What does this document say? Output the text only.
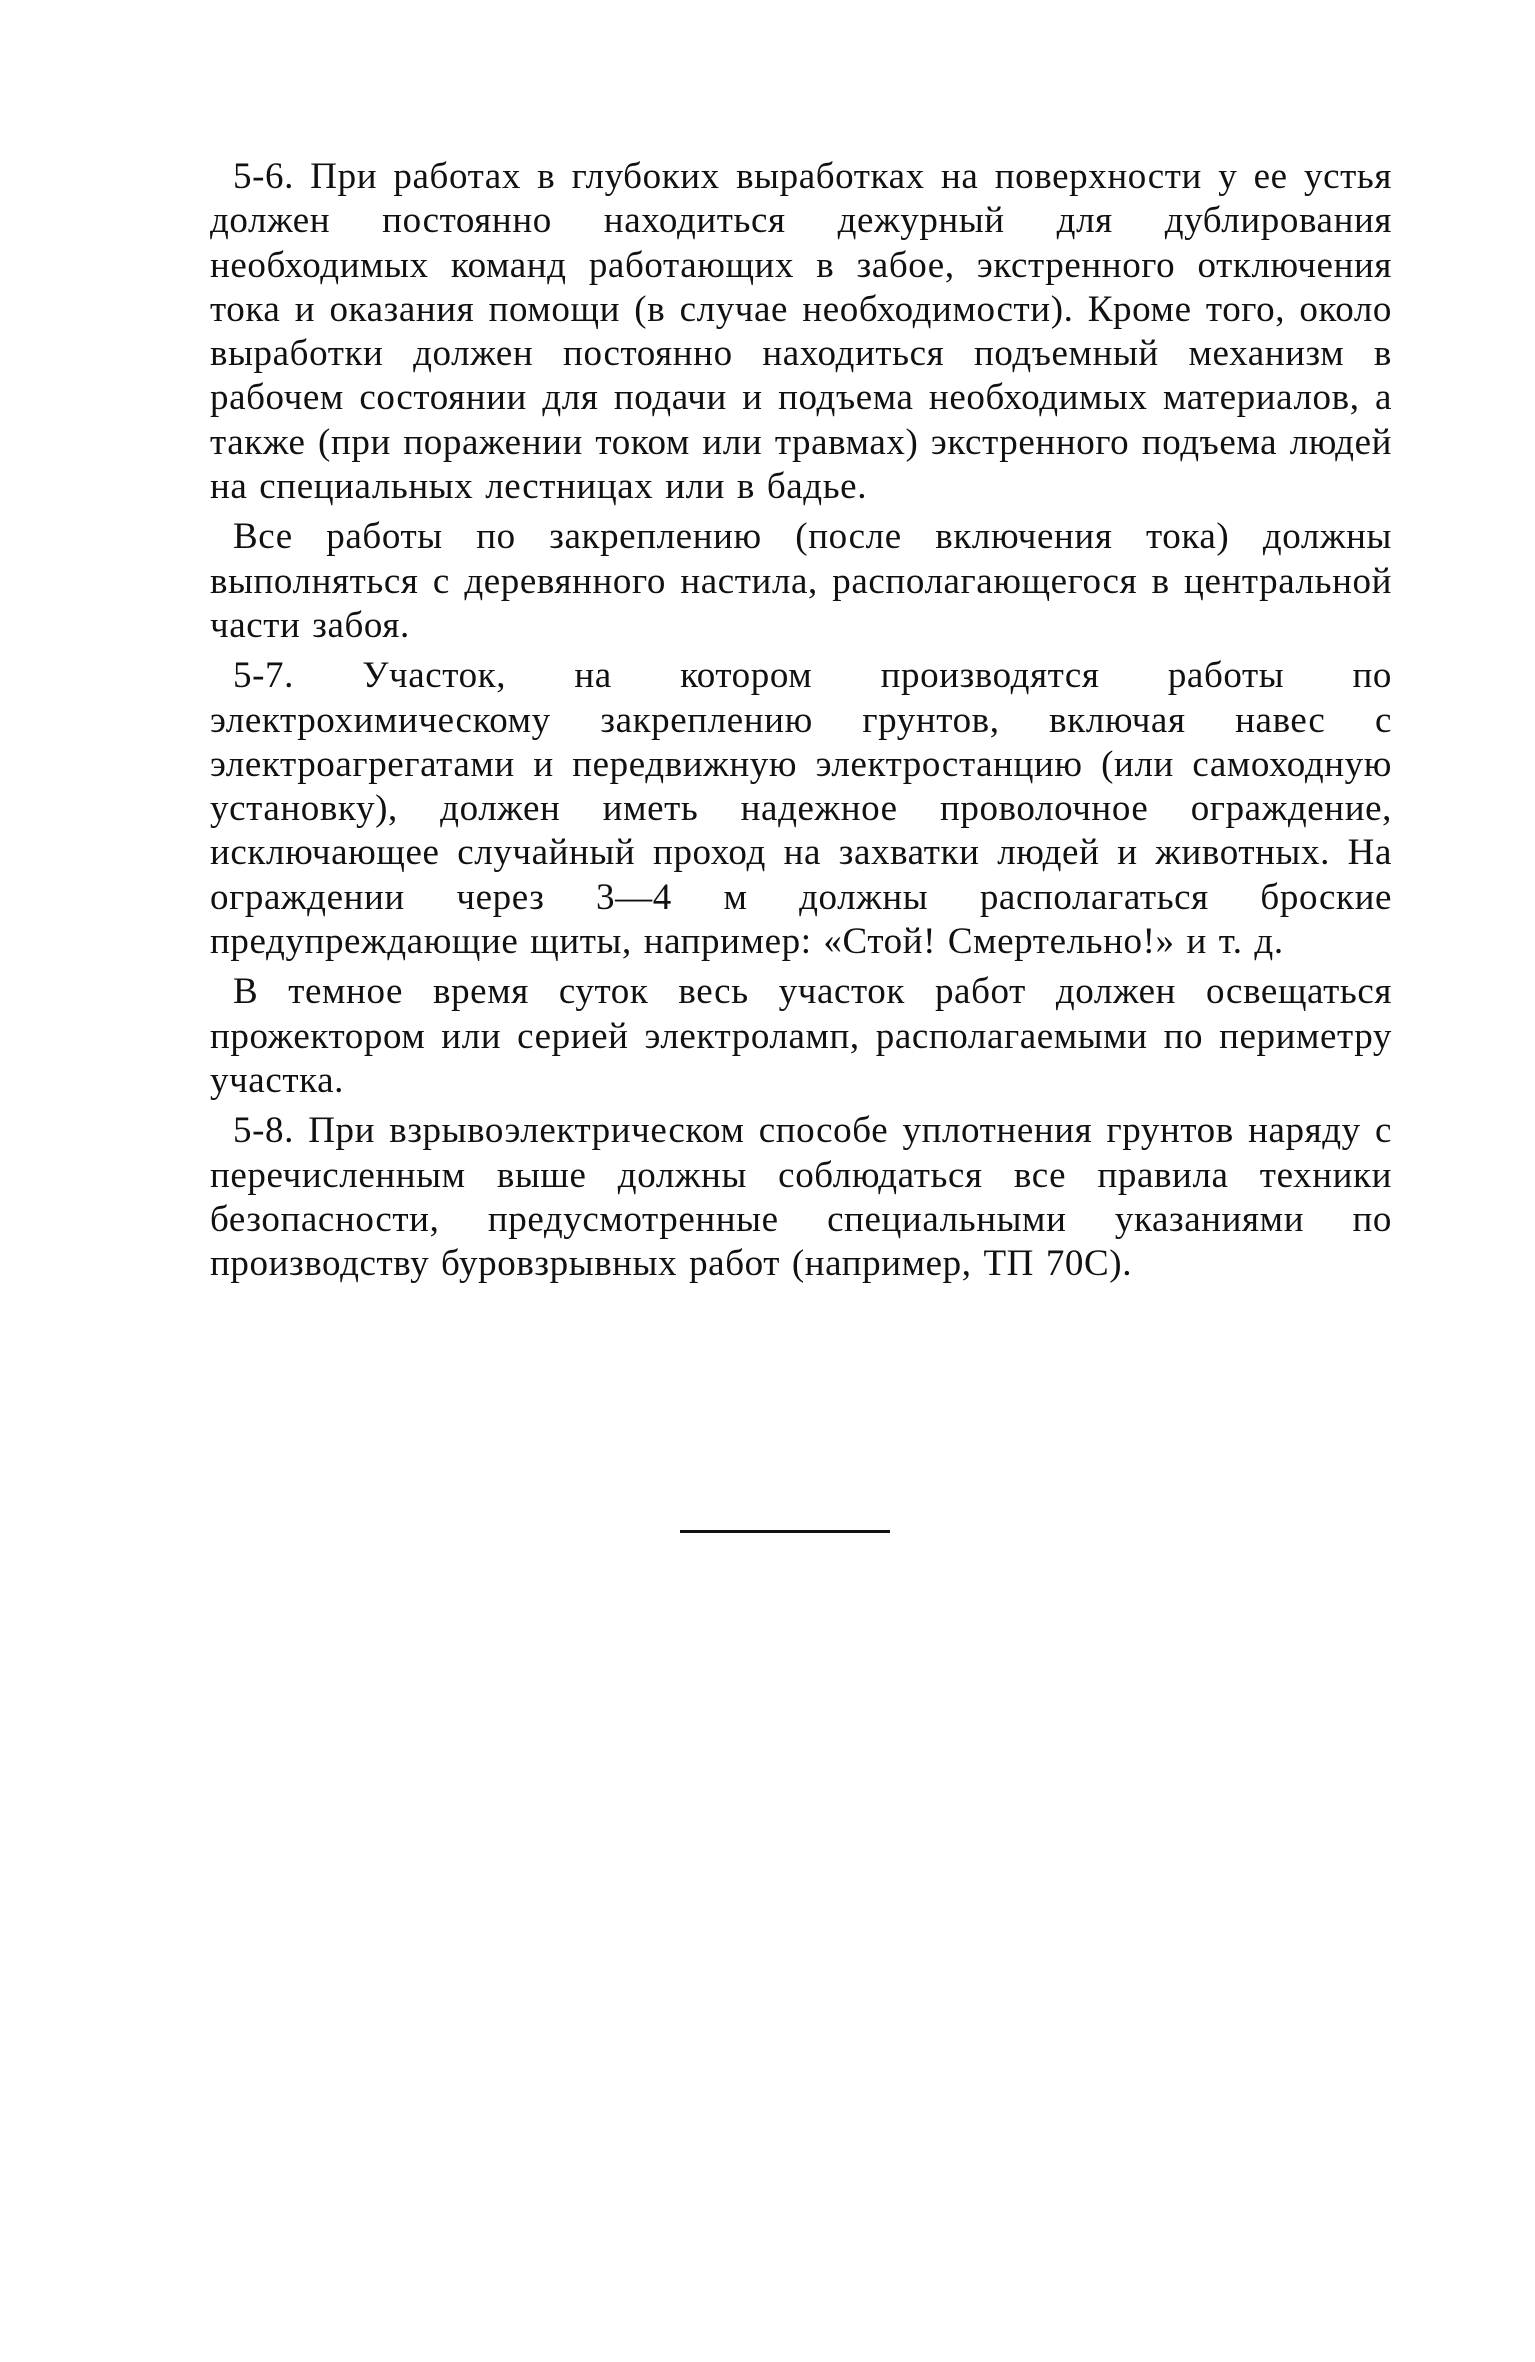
5-6. При работах в глубоких выработках на поверхности у ее устья должен постоянно находиться дежурный для дублирования необходимых команд работающих в забое, экстренного отключения тока и оказания помощи (в случае необходимости). Кроме того, около выработки должен постоянно находиться подъемный механизм в рабочем состоянии для подачи и подъема необходимых материалов, а также (при поражении током или травмах) экстренного подъема людей на специальных лестницах или в бадье.

Все работы по закреплению (после включения тока) должны выполняться с деревянного настила, располагающегося в центральной части забоя.

5-7. Участок, на котором производятся работы по электрохимическому закреплению грунтов, включая навес с электроагрегатами и передвижную электростанцию (или самоходную установку), должен иметь надежное проволочное ограждение, исключающее случайный проход на захватки людей и животных. На ограждении через 3—4 м должны располагаться броские предупреждающие щиты, например: «Стой! Смертельно!» и т. д.

В темное время суток весь участок работ должен освещаться прожектором или серией электроламп, располагаемыми по периметру участка.

5-8. При взрывоэлектрическом способе уплотнения грунтов наряду с перечисленным выше должны соблюдаться все правила техники безопасности, предусмотренные специальными указаниями по производству буровзрывных работ (например, ТП 70С).
